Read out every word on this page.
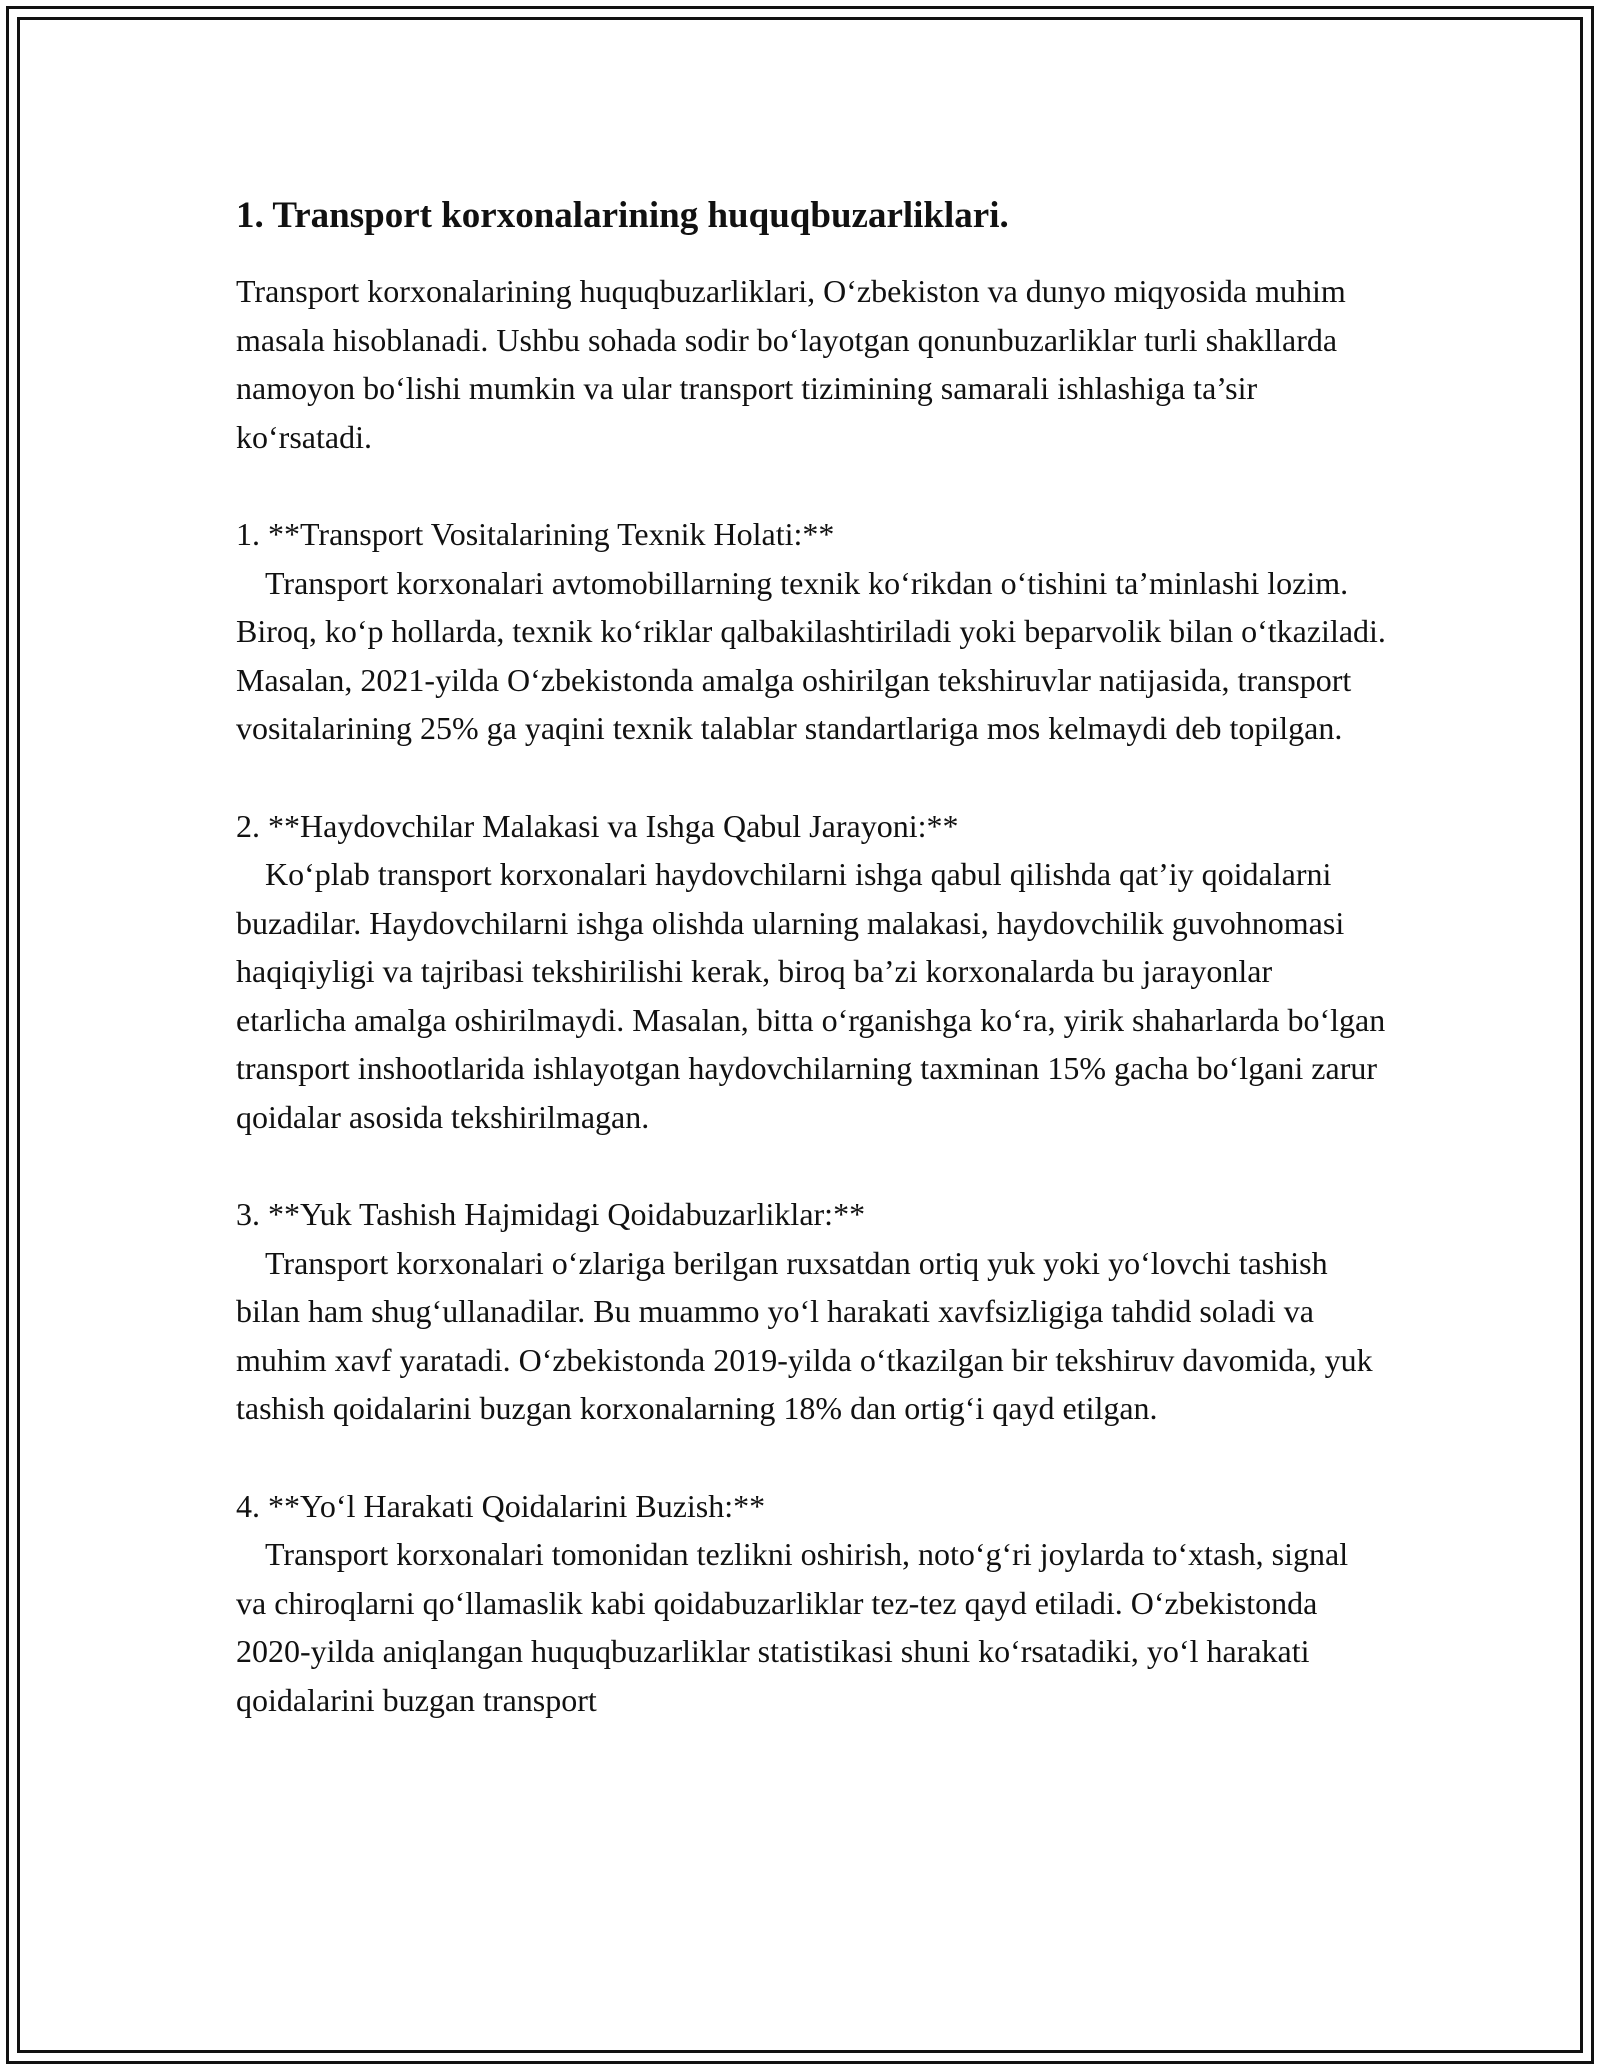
1. Transport korxonalarining huquqbuzarliklari.

Transport korxonalarining huquqbuzarliklari, O‘zbekiston va dunyo miqyosida muhim masala hisoblanadi. Ushbu sohada sodir bo‘layotgan qonunbuzarliklar turli shakllarda namoyon bo‘lishi mumkin va ular transport tizimining samarali ishlashiga ta’sir ko‘rsatadi.

1. **Transport Vositalarining Texnik Holati:**

Transport korxonalari avtomobillarning texnik ko‘rikdan o‘tishini ta’minlashi lozim. Biroq, ko‘p hollarda, texnik ko‘riklar qalbakilashtiriladi yoki beparvolik bilan o‘tkaziladi. Masalan, 2021-yilda O‘zbekistonda amalga oshirilgan tekshiruvlar natijasida, transport vositalarining 25% ga yaqini texnik talablar standartlariga mos kelmaydi deb topilgan.

2. **Haydovchilar Malakasi va Ishga Qabul Jarayoni:**

Ko‘plab transport korxonalari haydovchilarni ishga qabul qilishda qat’iy qoidalarni buzadilar. Haydovchilarni ishga olishda ularning malakasi, haydovchilik guvohnomasi haqiqiyligi va tajribasi tekshirilishi kerak, biroq ba’zi korxonalarda bu jarayonlar etarlicha amalga oshirilmaydi. Masalan, bitta o‘rganishga ko‘ra, yirik shaharlarda bo‘lgan transport inshootlarida ishlayotgan haydovchilarning taxminan 15% gacha bo‘lgani zarur qoidalar asosida tekshirilmagan.

3. **Yuk Tashish Hajmidagi Qoidabuzarliklar:**

Transport korxonalari o‘zlariga berilgan ruxsatdan ortiq yuk yoki yo‘lovchi tashish bilan ham shug‘ullanadilar. Bu muammo yo‘l harakati xavfsizligiga tahdid soladi va muhim xavf yaratadi. O‘zbekistonda 2019-yilda o‘tkazilgan bir tekshiruv davomida, yuk tashish qoidalarini buzgan korxonalarning 18% dan ortig‘i qayd etilgan.

4. **Yo‘l Harakati Qoidalarini Buzish:**

Transport korxonalari tomonidan tezlikni oshirish, noto‘g‘ri joylarda to‘xtash, signal va chiroqlarni qo‘llamaslik kabi qoidabuzarliklar tez-tez qayd etiladi. O‘zbekistonda 2020-yilda aniqlangan huquqbuzarliklar statistikasi shuni ko‘rsatadiki, yo‘l harakati qoidalarini buzgan transport
